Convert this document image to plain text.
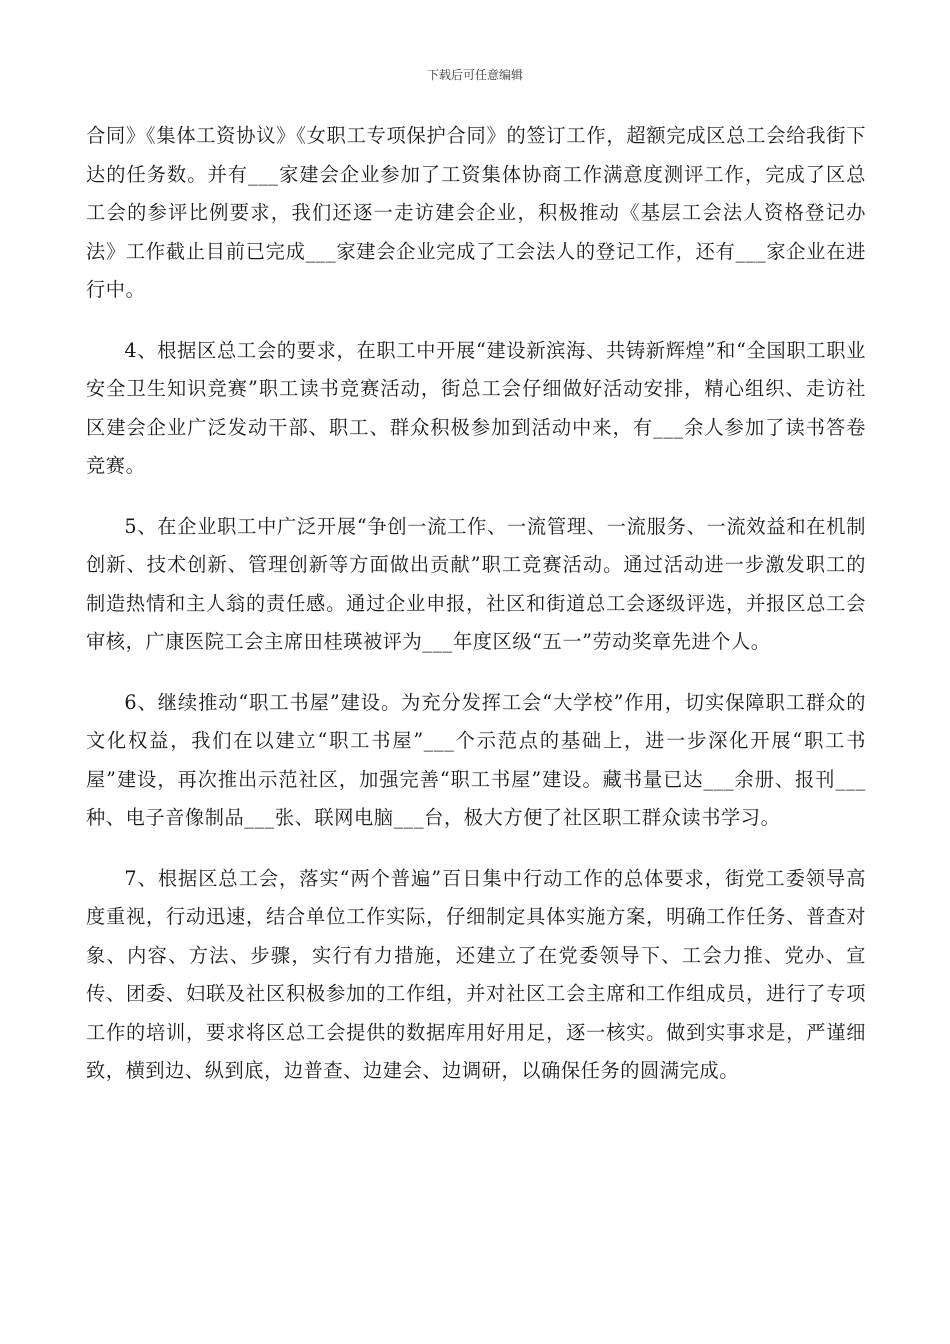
下载后可任意编辑

合同》《集体工资协议》《女职工专项保护合同》的签订工作，超额完成区总工会给我街下达的任务数。并有___家建会企业参加了工资集体协商工作满意度测评工作，完成了区总工会的参评比例要求，我们还逐一走访建会企业，积极推动《基层工会法人资格登记办法》工作截止目前已完成___家建会企业完成了工会法人的登记工作，还有___家企业在进行中。

4、根据区总工会的要求，在职工中开展“建设新滨海、共铸新辉煌”和“全国职工职业安全卫生知识竞赛”职工读书竞赛活动，街总工会仔细做好活动安排，精心组织、走访社区建会企业广泛发动干部、职工、群众积极参加到活动中来，有___余人参加了读书答卷竞赛。

5、在企业职工中广泛开展“争创一流工作、一流管理、一流服务、一流效益和在机制创新、技术创新、管理创新等方面做出贡献”职工竞赛活动。通过活动进一步激发职工的制造热情和主人翁的责任感。通过企业申报，社区和街道总工会逐级评选，并报区总工会审核，广康医院工会主席田桂瑛被评为___年度区级“五一”劳动奖章先进个人。

6、继续推动“职工书屋”建设。为充分发挥工会“大学校”作用，切实保障职工群众的文化权益，我们在以建立“职工书屋”___个示范点的基础上，进一步深化开展“职工书屋”建设，再次推出示范社区，加强完善“职工书屋”建设。藏书量已达___余册、报刊___种、电子音像制品___张、联网电脑___台，极大方便了社区职工群众读书学习。

7、根据区总工会，落实“两个普遍”百日集中行动工作的总体要求，街党工委领导高度重视，行动迅速，结合单位工作实际，仔细制定具体实施方案，明确工作任务、普查对象、内容、方法、步骤，实行有力措施，还建立了在党委领导下、工会力推、党办、宣传、团委、妇联及社区积极参加的工作组，并对社区工会主席和工作组成员，进行了专项工作的培训，要求将区总工会提供的数据库用好用足，逐一核实。做到实事求是，严谨细致，横到边、纵到底，边普查、边建会、边调研，以确保任务的圆满完成。
